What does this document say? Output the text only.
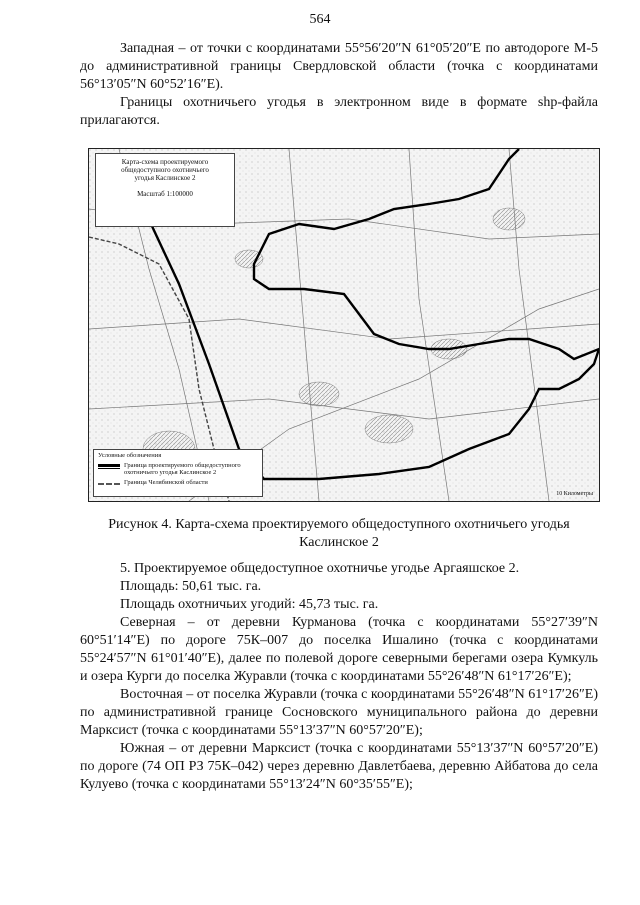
564

Западная – от точки с координатами 55°56′20″N 61°05′20″E по автодороге М-5 до административной границы Свердловской области (точка с координатами 56°13′05″N 60°52′16″E).

Границы охотничьего угодья в электронном виде в формате shp-файла прилагаются.

Карта-схема проектируемого
общедоступного охотничьего
угодья Каслинское 2
Масштаб 1:100000
Условные обозначения
Граница проектируемого общедоступного охотничьего угодья Каслинское 2
Граница Челябинской области
10 Километры
Рисунок 4. Карта-схема проектируемого общедоступного охотничьего угодья Каслинское 2

5. Проектируемое общедоступное охотничье угодье Аргаяшское 2.

Площадь: 50,61 тыс. га.

Площадь охотничьих угодий: 45,73 тыс. га.

Северная – от деревни Курманова (точка с координатами 55°27′39″N 60°51′14″E) по дороге 75К–007 до поселка Ишалино (точка с координатами 55°24′57″N 61°01′40″E), далее по полевой дороге северными берегами озера Кумкуль и озера Курги до поселка Журавли (точка с координатами 55°26′48″N 61°17′26″E);

Восточная – от поселка Журавли (точка с координатами 55°26′48″N 61°17′26″E) по административной границе Сосновского муниципального района до деревни Марксист (точка с координатами 55°13′37″N 60°57′20″E);

Южная – от деревни Марксист (точка с координатами 55°13′37″N 60°57′20″E) по дороге (74 ОП РЗ 75К–042) через деревню Давлетбаева, деревню Айбатова до села Кулуево (точка с координатами 55°13′24″N 60°35′55″E);
